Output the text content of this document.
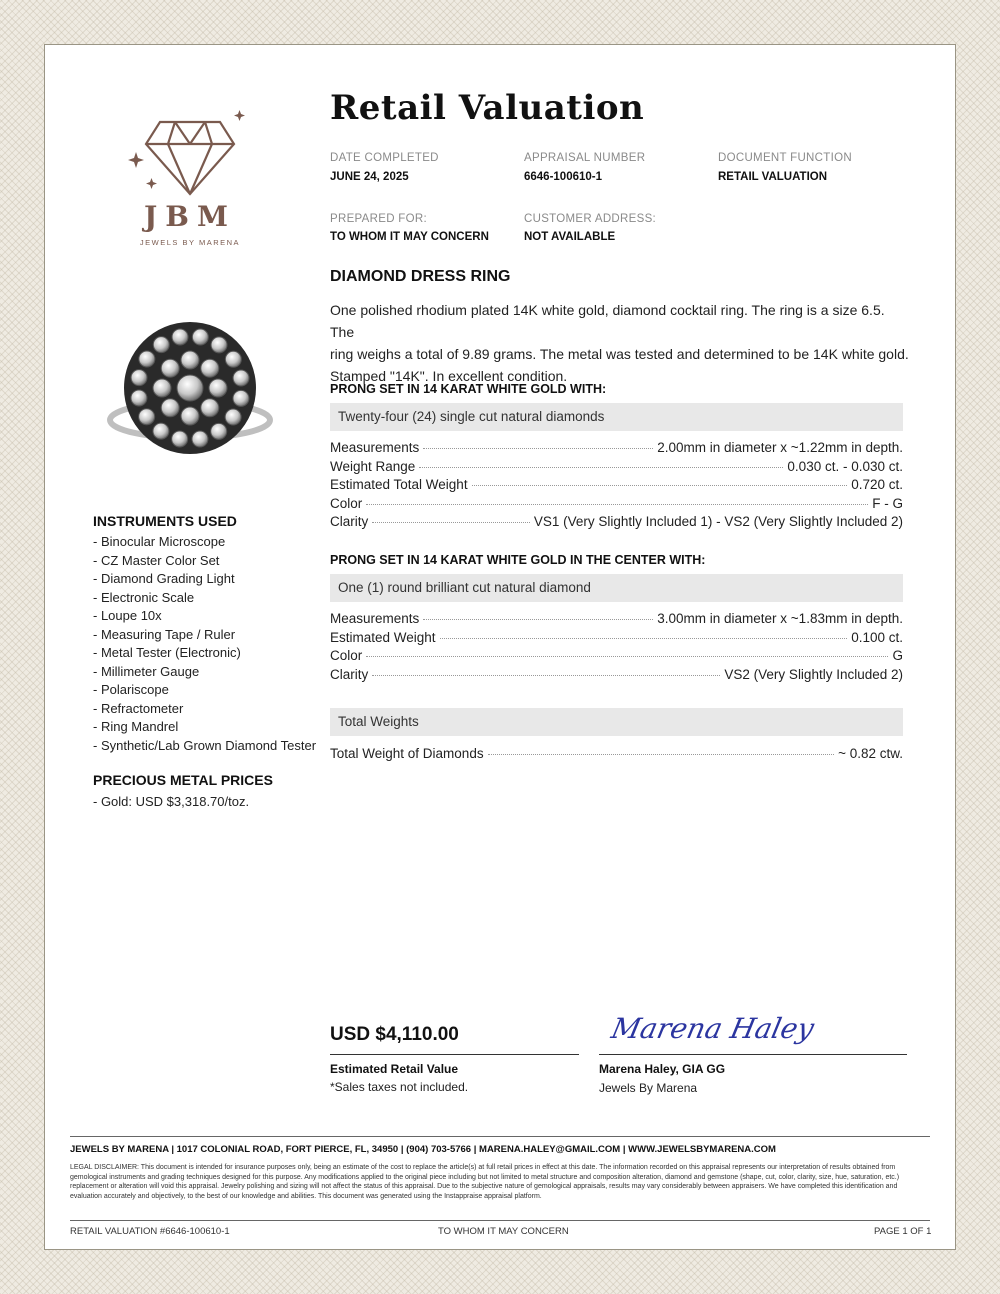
Retail Valuation
JBM
JEWELS BY MARENA
DATE COMPLETED
JUNE 24, 2025
APPRAISAL NUMBER
6646-100610-1
DOCUMENT FUNCTION
RETAIL VALUATION
PREPARED FOR:
TO WHOM IT MAY CONCERN
CUSTOMER ADDRESS:
NOT AVAILABLE
DIAMOND DRESS RING
One polished rhodium plated 14K white gold, diamond cocktail ring. The ring is a size 6.5. The
ring weighs a total of 9.89 grams. The metal was tested and determined to be 14K white gold.
Stamped "14K". In excellent condition.
PRONG SET IN 14 KARAT WHITE GOLD WITH:
Twenty-four (24) single cut natural diamonds
Measurements	2.00mm in diameter x ~1.22mm in depth.
Weight Range	0.030 ct. - 0.030 ct.
Estimated Total Weight	0.720 ct.
Color	F - G
Clarity	VS1 (Very Slightly Included 1) - VS2 (Very Slightly Included 2)
PRONG SET IN 14 KARAT WHITE GOLD IN THE CENTER WITH:
One (1) round brilliant cut natural diamond
Measurements	3.00mm in diameter x ~1.83mm in depth.
Estimated Weight	0.100 ct.
Color	G
Clarity	VS2 (Very Slightly Included 2)
Total Weights
Total Weight of Diamonds	~ 0.82 ctw.
INSTRUMENTS USED
- Binocular Microscope
- CZ Master Color Set
- Diamond Grading Light
- Electronic Scale
- Loupe 10x
- Measuring Tape / Ruler
- Metal Tester (Electronic)
- Millimeter Gauge
- Polariscope
- Refractometer
- Ring Mandrel
- Synthetic/Lab Grown Diamond Tester
PRECIOUS METAL PRICES
- Gold: USD $3,318.70/toz.
USD $4,110.00
Estimated Retail Value
*Sales taxes not included.
Marena Haley
Marena Haley, GIA GG
Jewels By Marena
JEWELS BY MARENA | 1017 COLONIAL ROAD, FORT PIERCE, FL, 34950 | (904) 703-5766 | MARENA.HALEY@GMAIL.COM | WWW.JEWELSBYMARENA.COM
LEGAL DISCLAIMER: This document is intended for insurance purposes only, being an estimate of the cost to replace the article(s) at full retail prices in effect at this date. The information recorded on this appraisal represents our interpretation of results obtained from gemological instruments and grading techniques designed for this purpose. Any modifications applied to the original piece including but not limited to metal structure and composition alteration, diamond and gemstone (shape, cut, color, clarity, size, hue, saturation, etc.) replacement or alteration will void this appraisal. Jewelry polishing and sizing will not affect the status of this appraisal. Due to the subjective nature of gemological appraisals, results may vary considerably between appraisers. We have completed this identification and evaluation accurately and objectively, to the best of our knowledge and abilities. This document was generated using the Instappraise appraisal platform.
RETAIL VALUATION #6646-100610-1	TO WHOM IT MAY CONCERN	PAGE 1 OF 1
